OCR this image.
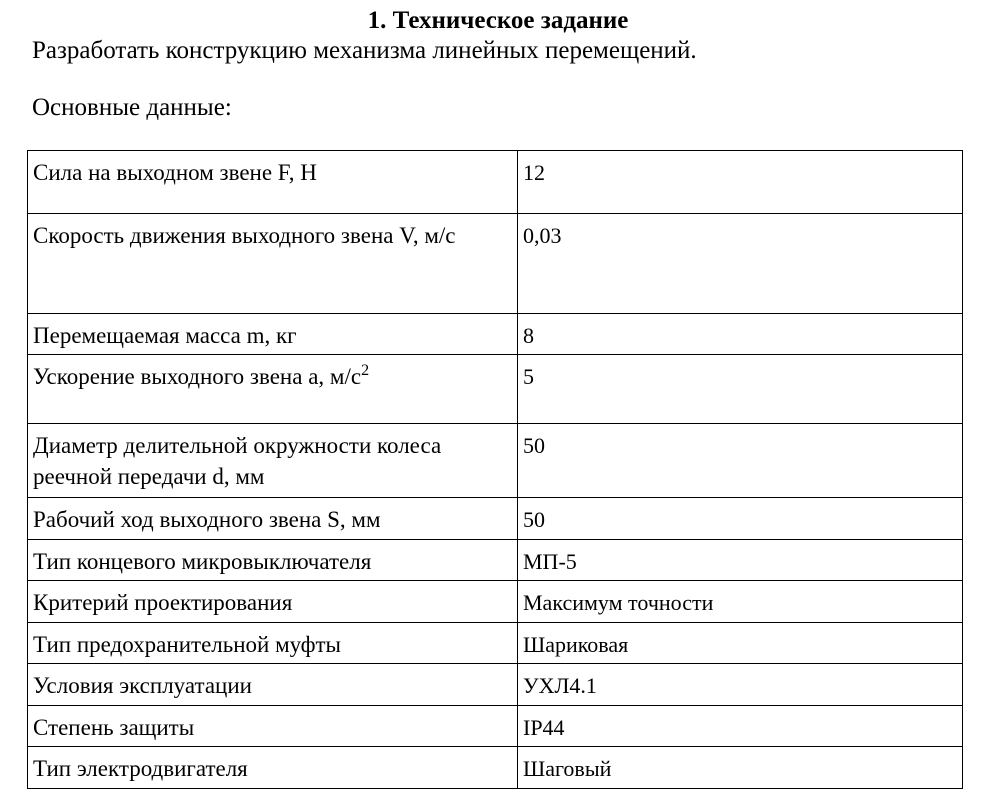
1. Техническое задание
Разработать конструкцию механизма линейных перемещений.
Основные данные:
Сила на выходном звене F, Н	12
Скорость движения выходного звена V, м/с	0,03
Перемещаемая масса m, кг	8
Ускорение выходного звена a, $м/с^2$	5
Диаметр делительной окружности колеса реечной передачи d, мм	50
Рабочий ход выходного звена S, мм	50
Тип концевого микровыключателя	МП-5
Критерий проектирования	Максимум точности
Тип предохранительной муфты	Шариковая
Условия эксплуатации	УХЛ4.1
Степень защиты	IP44
Тип электродвигателя	Шаговый
